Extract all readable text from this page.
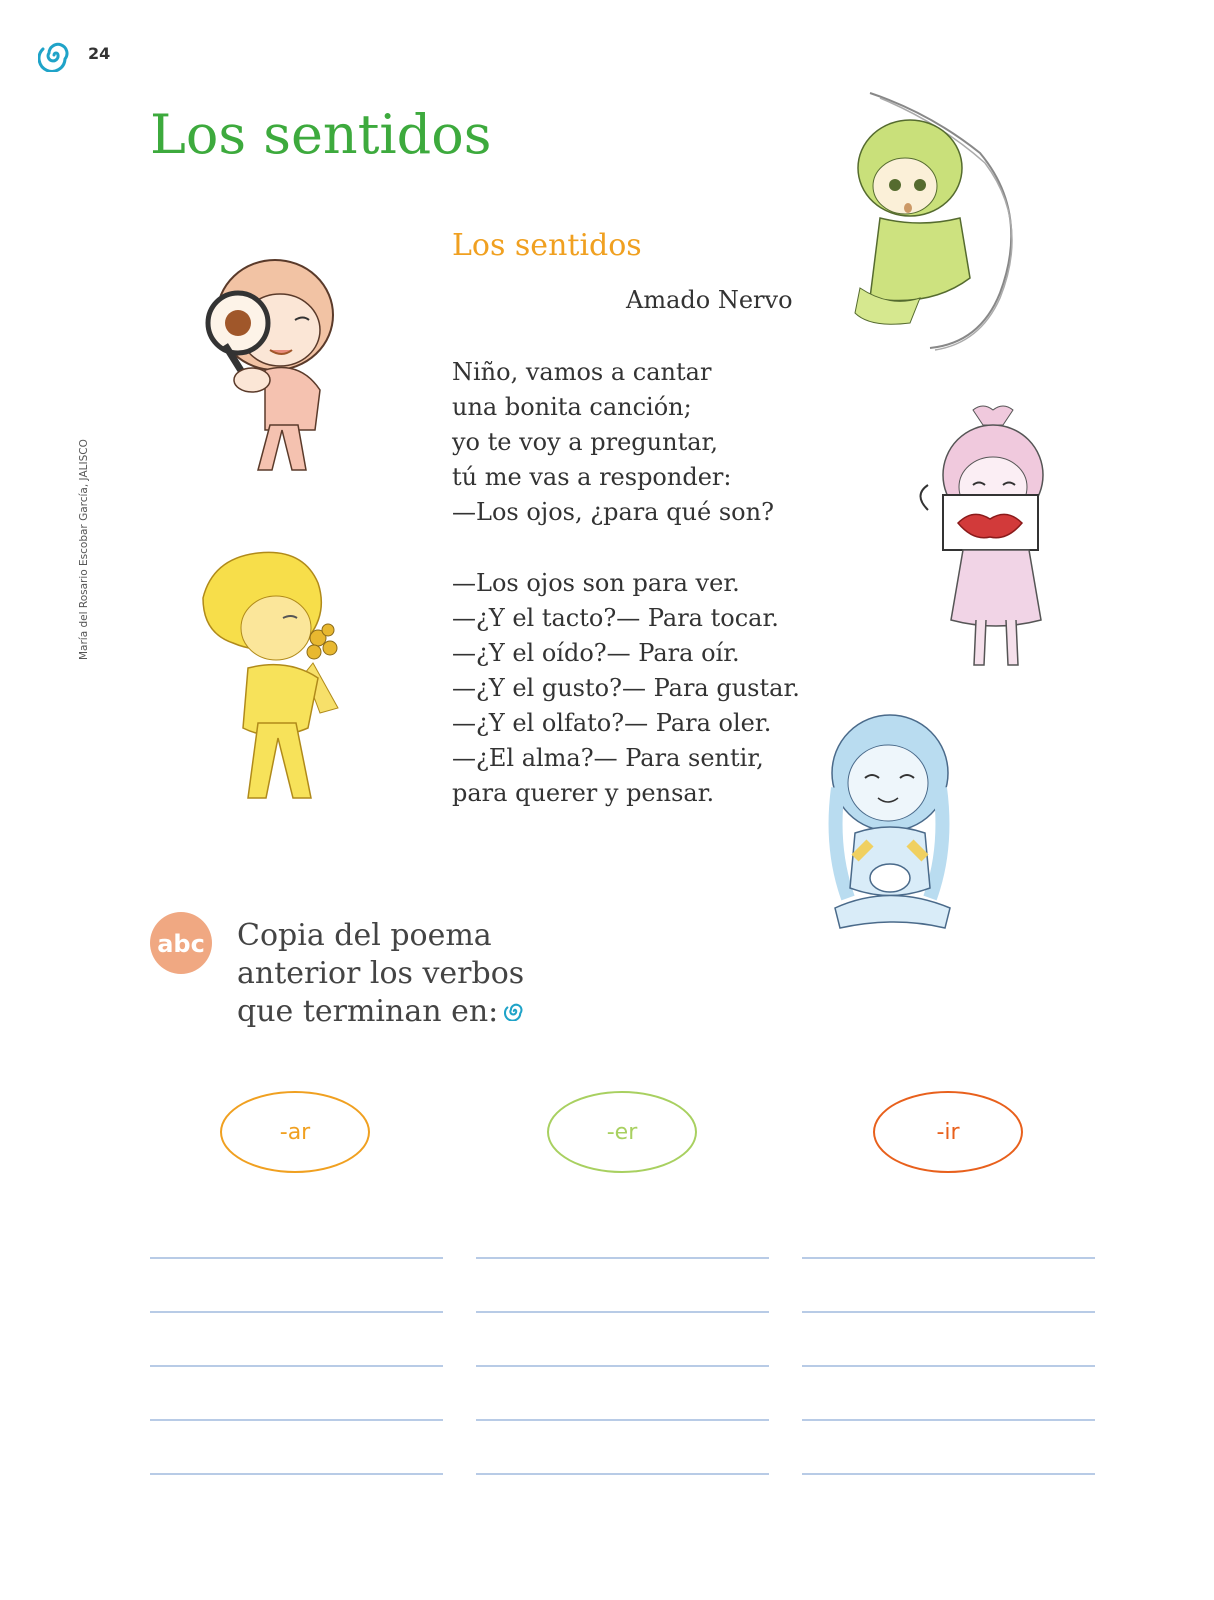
24
Los sentidos
María del Rosario Escobar García, JALISCO
Los sentidos
Amado Nervo
Niño, vamos a cantar
una bonita canción;
yo te voy a preguntar,
tú me vas a responder:
—Los ojos, ¿para qué son?
—Los ojos son para ver.
—¿Y el tacto?— Para tocar.
—¿Y el oído?— Para oír.
—¿Y el gusto?— Para gustar.
—¿Y el olfato?— Para oler.
—¿El alma?— Para sentir,
para querer y pensar.
abc Copia del poema
anterior los verbos
que terminan en:
-ar	-er	-ir
